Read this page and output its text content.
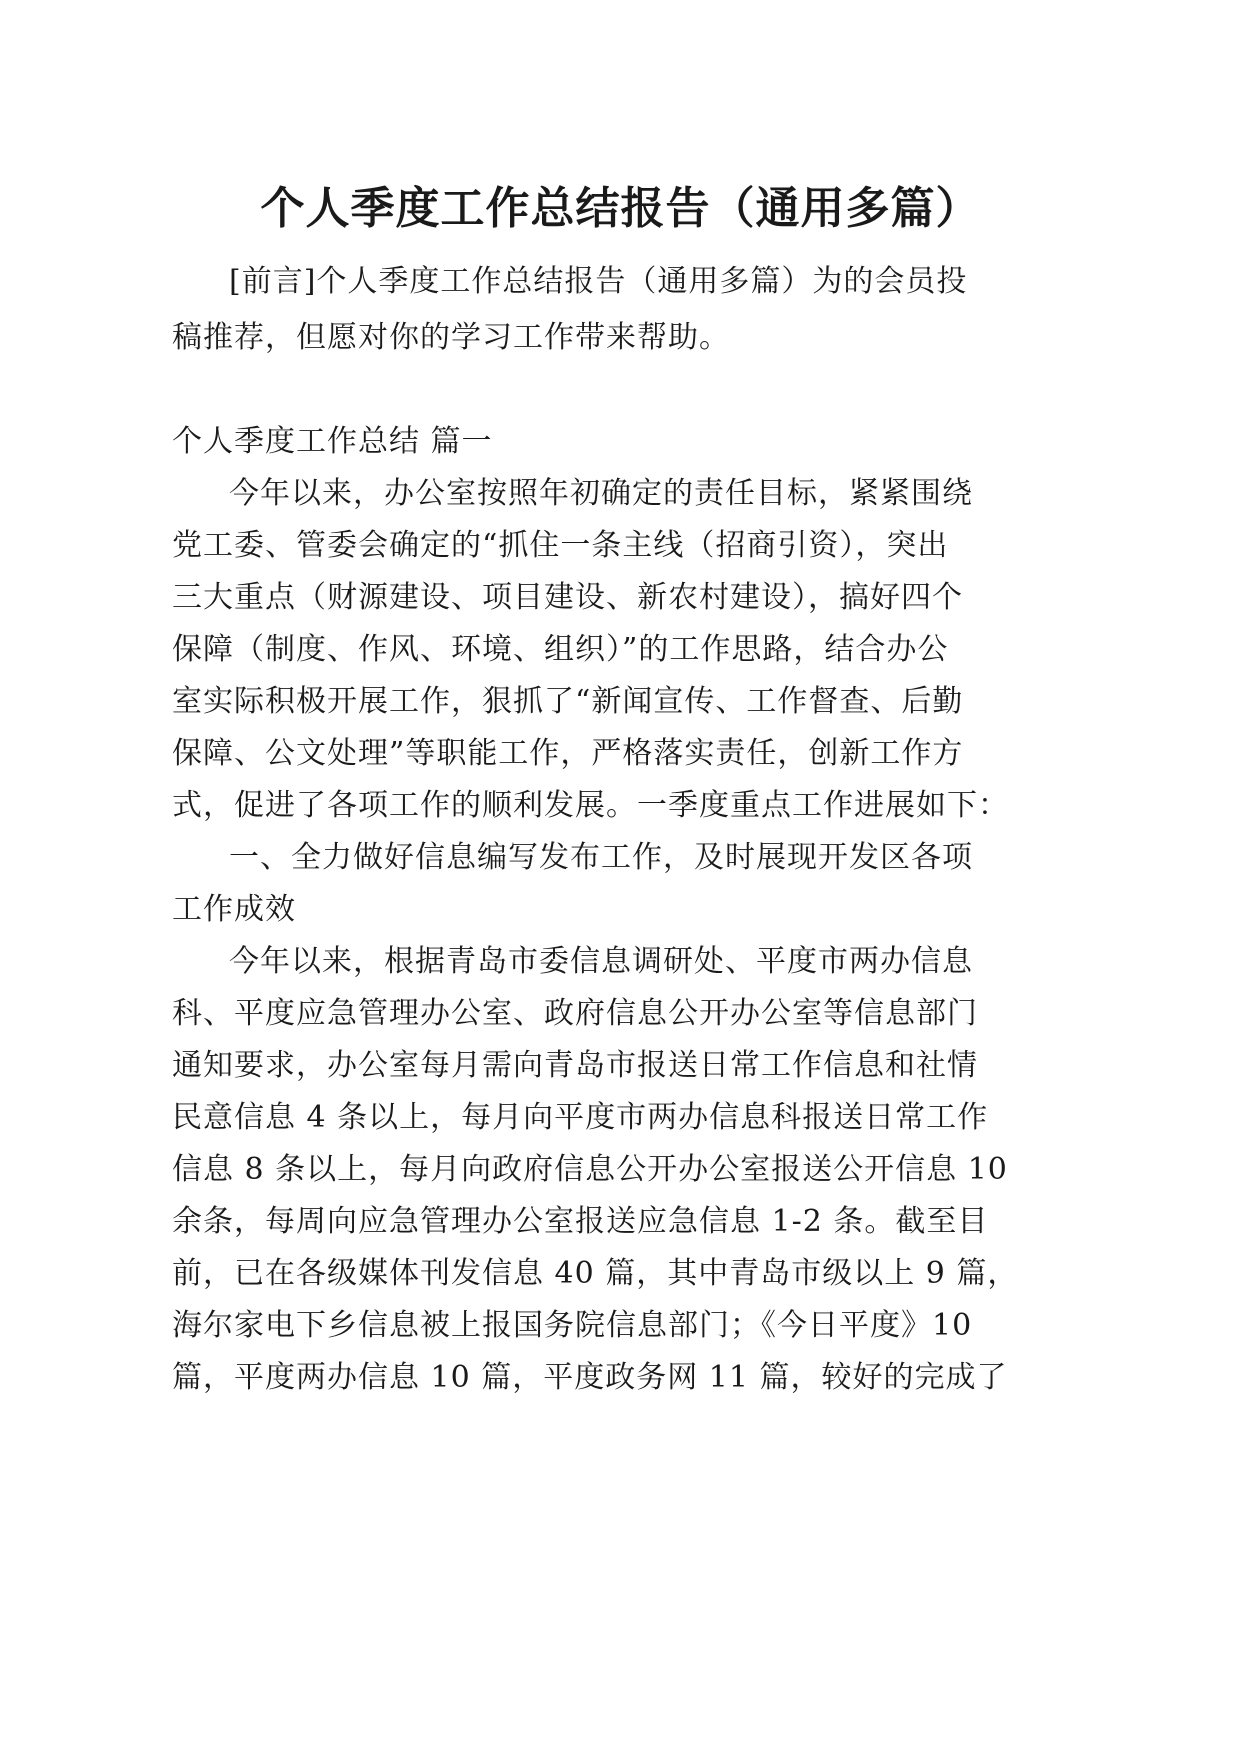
个人季度工作总结报告（通用多篇）
[前言]个人季度工作总结报告（通用多篇）为的会员投
稿推荐，但愿对你的学习工作带来帮助。
个人季度工作总结 篇一
今年以来，办公室按照年初确定的责任目标，紧紧围绕
党工委、管委会确定的“抓住一条主线（招商引资），突出
三大重点（财源建设、项目建设、新农村建设），搞好四个
保障（制度、作风、环境、组织）”的工作思路，结合办公
室实际积极开展工作，狠抓了“新闻宣传、工作督查、后勤
保障、公文处理”等职能工作，严格落实责任，创新工作方
式，促进了各项工作的顺利发展。一季度重点工作进展如下：
一、全力做好信息编写发布工作，及时展现开发区各项
工作成效
今年以来，根据青岛市委信息调研处、平度市两办信息
科、平度应急管理办公室、政府信息公开办公室等信息部门
通知要求，办公室每月需向青岛市报送日常工作信息和社情
民意信息 4 条以上，每月向平度市两办信息科报送日常工作
信息 8 条以上，每月向政府信息公开办公室报送公开信息 10
余条，每周向应急管理办公室报送应急信息 1-2 条。截至目
前，已在各级媒体刊发信息 40 篇，其中青岛市级以上 9 篇，
海尔家电下乡信息被上报国务院信息部门；《今日平度》10
篇，平度两办信息 10 篇，平度政务网 11 篇，较好的完成了
